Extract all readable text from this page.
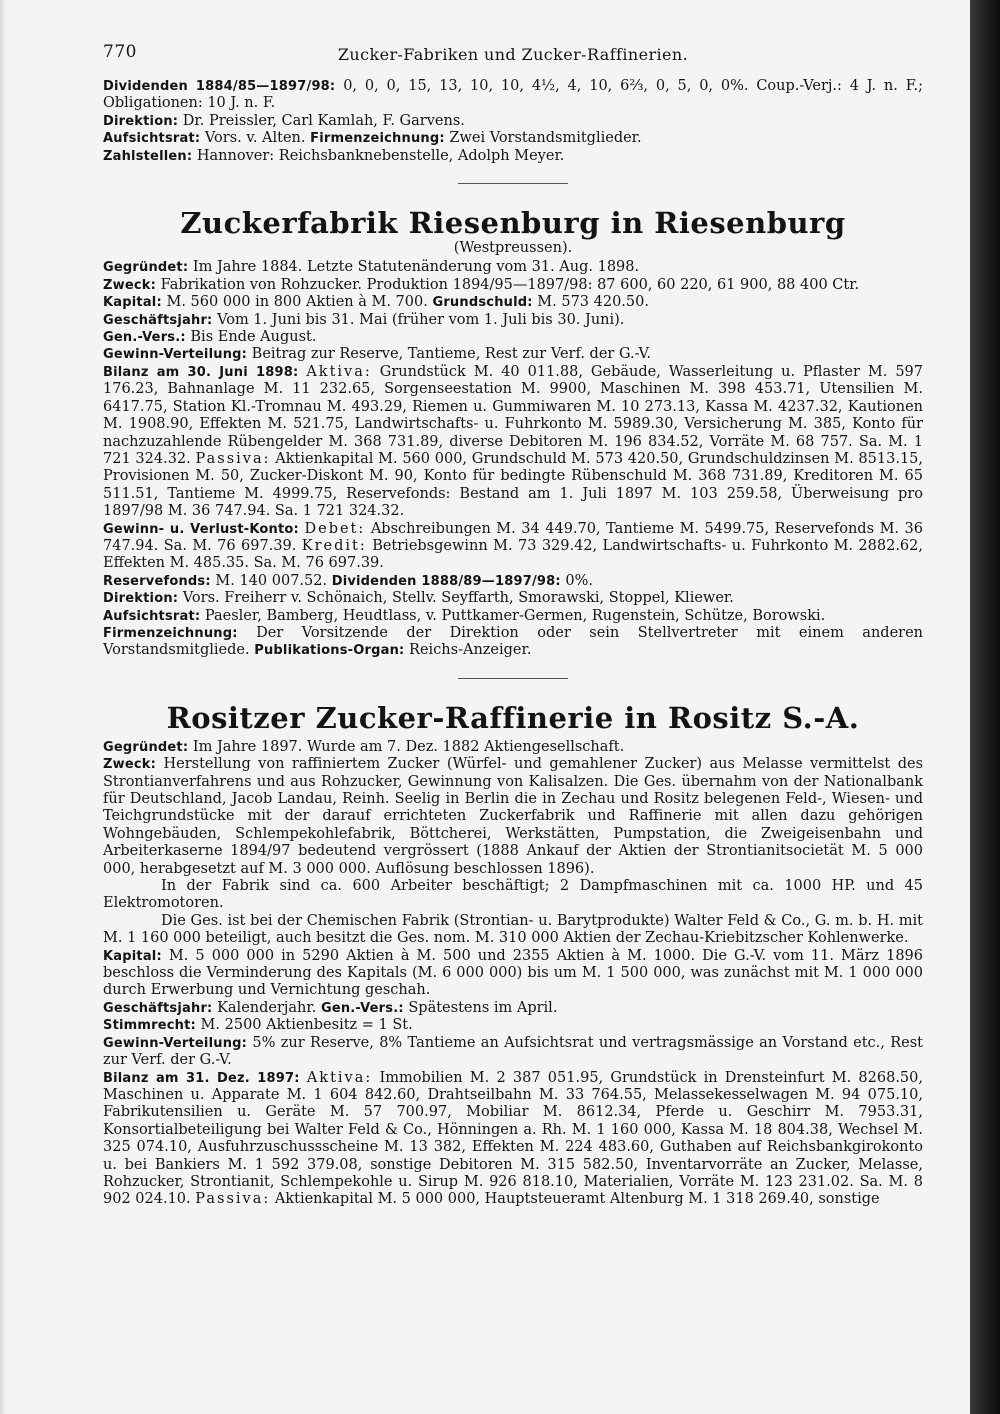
770	Zucker-Fabriken und Zucker-Raffinerien.

Dividenden 1884/85—1897/98: 0, 0, 0, 15, 13, 10, 10, 4½, 4, 10, 6⅔, 0, 5, 0, 0%. Coup.-Verj.: 4 J. n. F.; Obligationen: 10 J. n. F.

Direktion: Dr. Preissler, Carl Kamlah, F. Garvens.

Aufsichtsrat: Vors. v. Alten. Firmenzeichnung: Zwei Vorstandsmitglieder.

Zahlstellen: Hannover: Reichsbanknebenstelle, Adolph Meyer.

Zuckerfabrik Riesenburg in Riesenburg
(Westpreussen).

Gegründet: Im Jahre 1884. Letzte Statutenänderung vom 31. Aug. 1898.

Zweck: Fabrikation von Rohzucker. Produktion 1894/95—1897/98: 87 600, 60 220, 61 900, 88 400 Ctr.

Kapital: M. 560 000 in 800 Aktien à M. 700. Grundschuld: M. 573 420.50.

Geschäftsjahr: Vom 1. Juni bis 31. Mai (früher vom 1. Juli bis 30. Juni).

Gen.-Vers.: Bis Ende August.

Gewinn-Verteilung: Beitrag zur Reserve, Tantieme, Rest zur Verf. der G.-V.

Bilanz am 30. Juni 1898: Aktiva: Grundstück M. 40 011.88, Gebäude, Wasserleitung u. Pflaster M. 597 176.23, Bahnanlage M. 11 232.65, Sorgenseestation M. 9900, Maschinen M. 398 453.71, Utensilien M. 6417.75, Station Kl.-Tromnau M. 493.29, Riemen u. Gummiwaren M. 10 273.13, Kassa M. 4237.32, Kautionen M. 1908.90, Effekten M. 521.75, Landwirtschafts- u. Fuhrkonto M. 5989.30, Versicherung M. 385, Konto für nachzuzahlende Rübengelder M. 368 731.89, diverse Debitoren M. 196 834.52, Vorräte M. 68 757. Sa. M. 1 721 324.32. Passiva: Aktienkapital M. 560 000, Grundschuld M. 573 420.50, Grundschuldzinsen M. 8513.15, Provisionen M. 50, Zucker-Diskont M. 90, Konto für bedingte Rübenschuld M. 368 731.89, Kreditoren M. 65 511.51, Tantieme M. 4999.75, Reservefonds: Bestand am 1. Juli 1897 M. 103 259.58, Überweisung pro 1897/98 M. 36 747.94. Sa. 1 721 324.32.

Gewinn- u. Verlust-Konto: Debet: Abschreibungen M. 34 449.70, Tantieme M. 5499.75, Reservefonds M. 36 747.94. Sa. M. 76 697.39. Kredit: Betriebsgewinn M. 73 329.42, Landwirtschafts- u. Fuhrkonto M. 2882.62, Effekten M. 485.35. Sa. M. 76 697.39.

Reservefonds: M. 140 007.52. Dividenden 1888/89—1897/98: 0%.

Direktion: Vors. Freiherr v. Schönaich, Stellv. Seyffarth, Smorawski, Stoppel, Kliewer.

Aufsichtsrat: Paesler, Bamberg, Heudtlass, v. Puttkamer-Germen, Rugenstein, Schütze, Borowski.

Firmenzeichnung: Der Vorsitzende der Direktion oder sein Stellvertreter mit einem anderen Vorstandsmitgliede. Publikations-Organ: Reichs-Anzeiger.

Rositzer Zucker-Raffinerie in Rositz S.-A.

Gegründet: Im Jahre 1897. Wurde am 7. Dez. 1882 Aktiengesellschaft.

Zweck: Herstellung von raffiniertem Zucker (Würfel- und gemahlener Zucker) aus Melasse vermittelst des Strontianverfahrens und aus Rohzucker, Gewinnung von Kalisalzen. Die Ges. übernahm von der Nationalbank für Deutschland, Jacob Landau, Reinh. Seelig in Berlin die in Zechau und Rositz belegenen Feld-, Wiesen- und Teichgrundstücke mit der darauf errichteten Zuckerfabrik und Raffinerie mit allen dazu gehörigen Wohngebäuden, Schlempekohlefabrik, Böttcherei, Werkstätten, Pumpstation, die Zweigeisenbahn und Arbeiterkaserne 1894/97 bedeutend vergrössert (1888 Ankauf der Aktien der Strontianitsocietät M. 5 000 000, herabgesetzt auf M. 3 000 000. Auflösung beschlossen 1896).

In der Fabrik sind ca. 600 Arbeiter beschäftigt; 2 Dampfmaschinen mit ca. 1000 HP. und 45 Elektromotoren.

Die Ges. ist bei der Chemischen Fabrik (Strontian- u. Barytprodukte) Walter Feld & Co., G. m. b. H. mit M. 1 160 000 beteiligt, auch besitzt die Ges. nom. M. 310 000 Aktien der Zechau-Kriebitzscher Kohlenwerke.

Kapital: M. 5 000 000 in 5290 Aktien à M. 500 und 2355 Aktien à M. 1000. Die G.-V. vom 11. März 1896 beschloss die Verminderung des Kapitals (M. 6 000 000) bis um M. 1 500 000, was zunächst mit M. 1 000 000 durch Erwerbung und Vernichtung geschah.

Geschäftsjahr: Kalenderjahr. Gen.-Vers.: Spätestens im April.

Stimmrecht: M. 2500 Aktienbesitz = 1 St.

Gewinn-Verteilung: 5% zur Reserve, 8% Tantieme an Aufsichtsrat und vertragsmässige an Vorstand etc., Rest zur Verf. der G.-V.

Bilanz am 31. Dez. 1897: Aktiva: Immobilien M. 2 387 051.95, Grundstück in Drensteinfurt M. 8268.50, Maschinen u. Apparate M. 1 604 842.60, Drahtseilbahn M. 33 764.55, Melassekesselwagen M. 94 075.10, Fabrikutensilien u. Geräte M. 57 700.97, Mobiliar M. 8612.34, Pferde u. Geschirr M. 7953.31, Konsortialbeteiligung bei Walter Feld & Co., Hönningen a. Rh. M. 1 160 000, Kassa M. 18 804.38, Wechsel M. 325 074.10, Ausfuhrzuschussscheine M. 13 382, Effekten M. 224 483.60, Guthaben auf Reichsbankgirokonto u. bei Bankiers M. 1 592 379.08, sonstige Debitoren M. 315 582.50, Inventarvorräte an Zucker, Melasse, Rohzucker, Strontianit, Schlempekohle u. Sirup M. 926 818.10, Materialien, Vorräte M. 123 231.02. Sa. M. 8 902 024.10. Passiva: Aktienkapital M. 5 000 000, Hauptsteueramt Altenburg M. 1 318 269.40, sonstige
